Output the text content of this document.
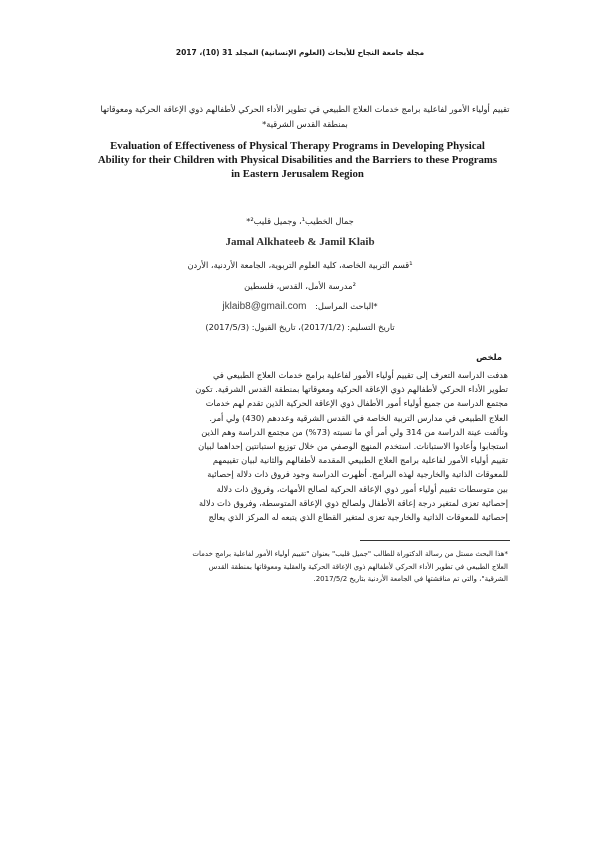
مجلة جامعة النجاح للأبحاث (العلوم الإنسانية) المجلد 31 (10)، 2017
تقييم أولياء الأمور لفاعلية برامج خدمات العلاج الطبيعي في تطوير الأداء الحركي لأطفالهم ذوي الإعاقة الحركية ومعوقاتها بمنطقة القدس الشرقية*
Evaluation of Effectiveness of Physical Therapy Programs in Developing Physical Ability for their Children with Physical Disabilities and the Barriers to these Programs in Eastern Jerusalem Region
جمال الخطيب¹، وجميل قليب²*
Jamal Alkhateeb & Jamil Klaib
¹قسم التربية الخاصة، كلية العلوم التربوية، الجامعة الأردنية، الأردن
²مدرسة الأمل، القدس، فلسطين
jklaib8@gmail.com *الباحث المراسل:
تاريخ التسليم: (2017/1/2)، تاريخ القبول: (2017/5/3)
ملخص
هدفت الدراسة التعرف إلى تقييم أولياء الأمور لفاعلية برامج خدمات العلاج الطبيعي في
تطوير الأداء الحركي لأطفالهم ذوي الإعاقة الحركية ومعوقاتها بمنطقة القدس الشرقية. تكون
مجتمع الدراسة من جميع أولياء أمور الأطفال ذوي الإعاقة الحركية الذين تقدم لهم خدمات
العلاج الطبيعي في مدارس التربية الخاصة في القدس الشرقية وعددهم (430) ولي أمر.
وتألفت عينة الدراسة من 314 ولي أمر أي ما نسبته (73%) من مجتمع الدراسة وهم الذين
استجابوا وأعادوا الاستبانات. استخدم المنهج الوصفي من خلال توزيع استبانتين إحداهما لبيان
تقييم أولياء الأمور لفاعلية برامج العلاج الطبيعي المقدمة لأطفالهم والثانية لبيان تقييمهم
للمعوقات الذاتية والخارجية لهذه البرامج. أظهرت الدراسة وجود فروق ذات دلالة إحصائية
بين متوسطات تقييم أولياء أمور ذوي الإعاقة الحركية لصالح الأمهات، وفروق ذات دلالة
إحصائية تعزى لمتغير درجة إعاقة الأطفال ولصالح ذوي الإعاقة المتوسطة، وفروق ذات دلالة
إحصائية للمعوقات الذاتية والخارجية تعزى لمتغير القطاع الذي يتبعه له المركز الذي يعالج
*هذا البحث مستل من رسالة الدكتوراة للطالب "جميل قليب" بعنوان "تقييم أولياء الأمور لفاعلية برامج خدمات
العلاج الطبيعي في تطوير الأداء الحركي لأطفالهم ذوي الإعاقة الحركية والعقلية ومعوقاتها بمنطقة القدس
الشرقية"، والتي تم مناقشتها في الجامعة الأردنية بتاريخ 2017/5/2.
